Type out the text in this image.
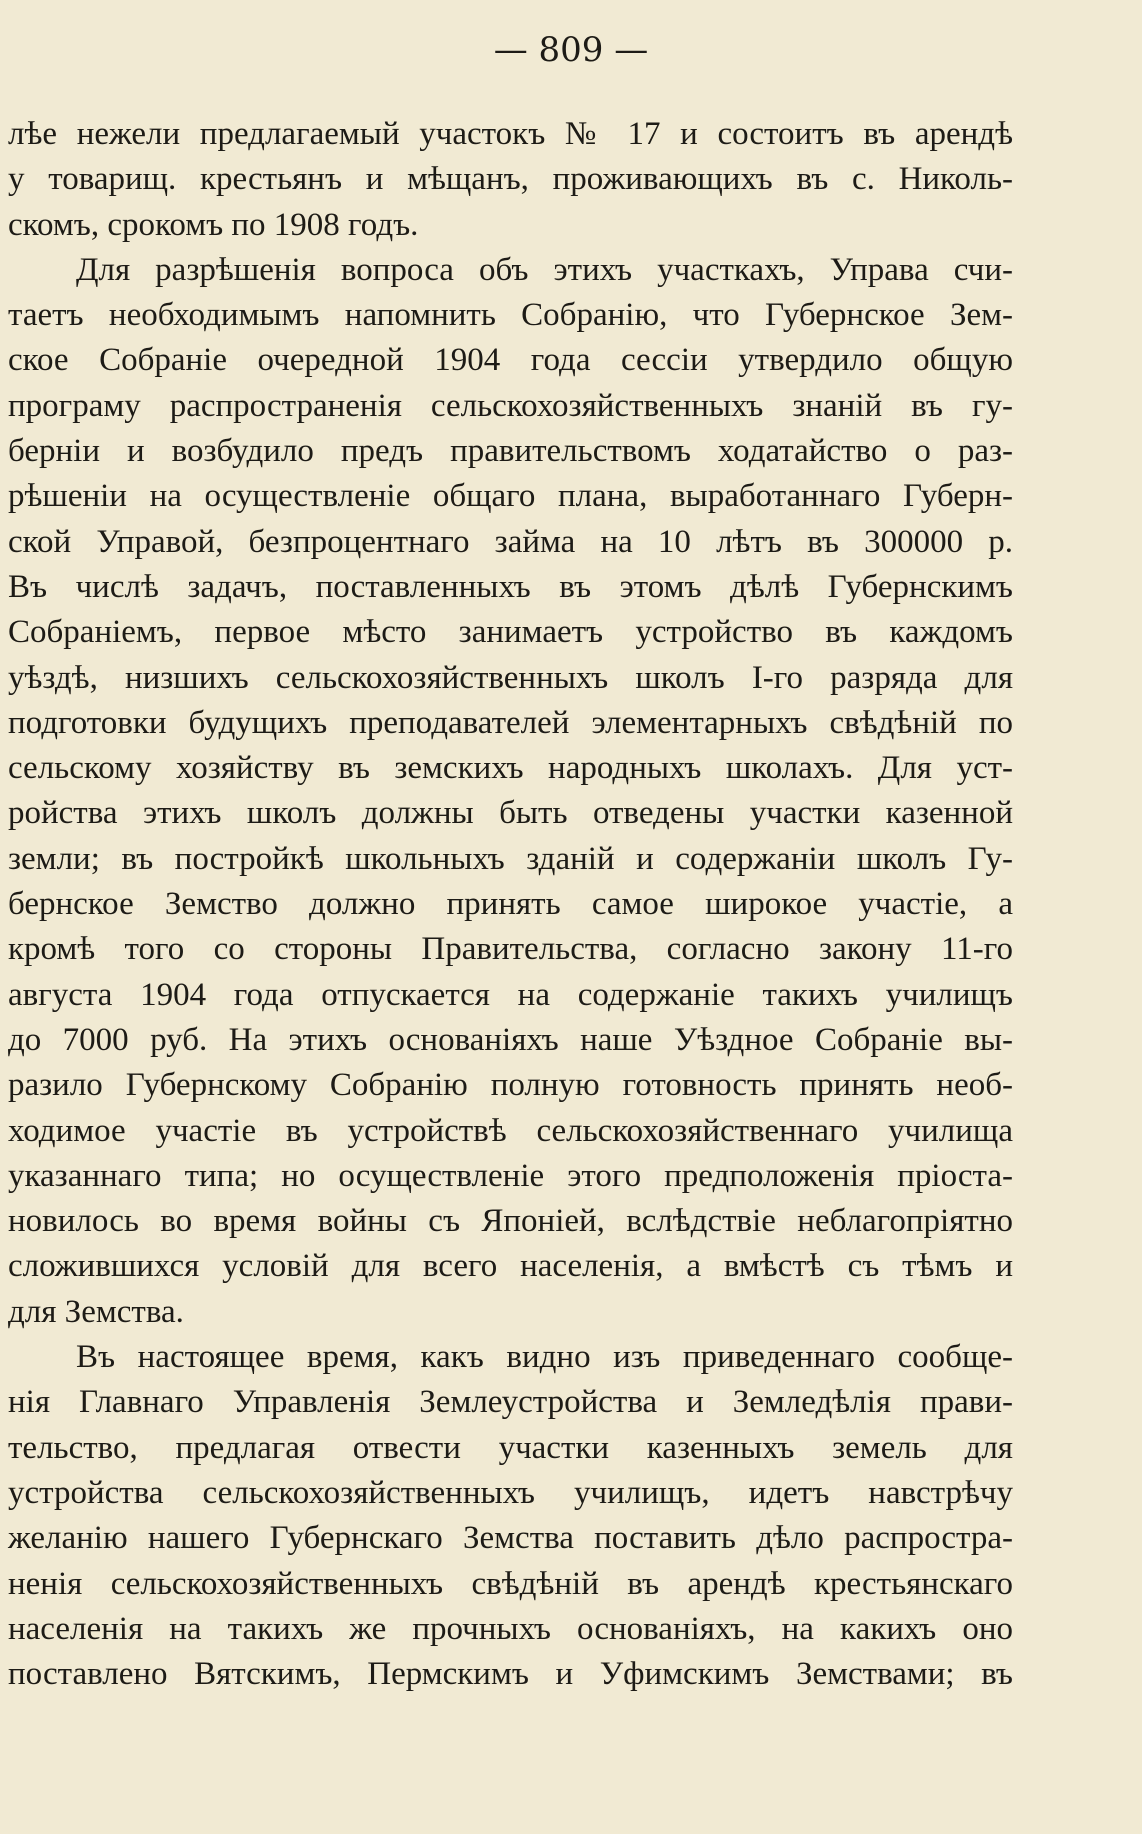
— 809 —
лѣе нежели предлагаемый участокъ № 17 и состоитъ въ арендѣ
у товарищ. крестьянъ и мѣщанъ, проживающихъ въ с. Николь-
скомъ, срокомъ по 1908 годъ.
Для разрѣшенія вопроса объ этихъ участкахъ, Управа счи-
таетъ необходимымъ напомнить Собранію, что Губернское Зем-
ское Собраніе очередной 1904 года сессіи утвердило общую
програму распространенія сельскохозяйственныхъ знаній въ гу-
берніи и возбудило предъ правительствомъ ходатайство о раз-
рѣшеніи на осуществленіе общаго плана, выработаннаго Губерн-
ской Управой, безпроцентнаго займа на 10 лѣтъ въ 300000 р.
Въ числѣ задачъ, поставленныхъ въ этомъ дѣлѣ Губернскимъ
Собраніемъ, первое мѣсто занимаетъ устройство въ каждомъ
уѣздѣ, низшихъ сельскохозяйственныхъ школъ I-го разряда для
подготовки будущихъ преподавателей элементарныхъ свѣдѣній по
сельскому хозяйству въ земскихъ народныхъ школахъ. Для уст-
ройства этихъ школъ должны быть отведены участки казенной
земли; въ постройкѣ школьныхъ зданій и содержаніи школъ Гу-
бернское Земство должно принять самое широкое участіе, а
кромѣ того со стороны Правительства, согласно закону 11-го
августа 1904 года отпускается на содержаніе такихъ училищъ
до 7000 руб. На этихъ основаніяхъ наше Уѣздное Собраніе вы-
разило Губернскому Собранію полную готовность принять необ-
ходимое участіе въ устройствѣ сельскохозяйственнаго училища
указаннаго типа; но осуществленіе этого предположенія пріоста-
новилось во время войны съ Японіей, вслѣдствіе неблагопріятно
сложившихся условій для всего населенія, а вмѣстѣ съ тѣмъ и
для Земства.
Въ настоящее время, какъ видно изъ приведеннаго сообще-
нія Главнаго Управленія Землеустройства и Земледѣлія прави-
тельство, предлагая отвести участки казенныхъ земель для
устройства сельскохозяйственныхъ училищъ, идетъ навстрѣчу
желанію нашего Губернскаго Земства поставить дѣло распростра-
ненія сельскохозяйственныхъ свѣдѣній въ арендѣ крестьянскаго
населенія на такихъ же прочныхъ основаніяхъ, на какихъ оно
поставлено Вятскимъ, Пермскимъ и Уфимскимъ Земствами; въ
